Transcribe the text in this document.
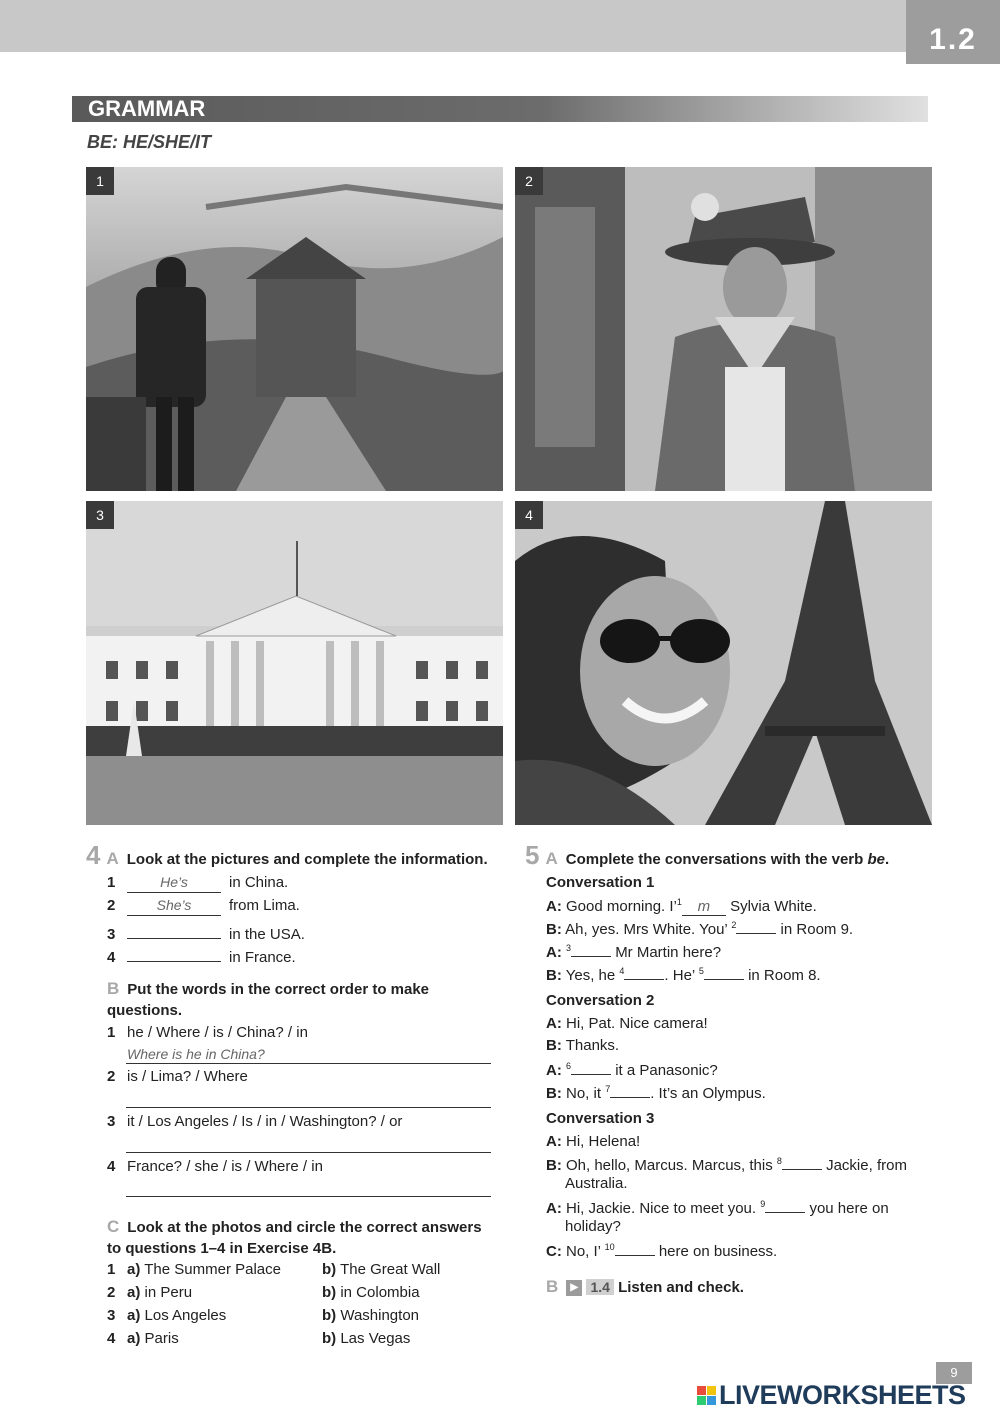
1.2
GRAMMAR
BE: HE/SHE/IT
1	2
3	4
4 A Look at the pictures and complete the information.
1	He’s	in China.
2	She’s	from Lima.
3	in the USA.
4	in France.
B Put the words in the correct order to make
questions.
1 he / Where / is / China? / in
Where is he in China?
2 is / Lima? / Where
3 it / Los Angeles / Is / in / Washington? / or
4 France? / she / is / Where / in
C Look at the photos and circle the correct answers
to questions 1–4 in Exercise 4B.
1 a) The Summer Palace	b) The Great Wall
2 a) in Peru	b) in Colombia
3 a) Los Angeles	b) Washington
4 a) Paris	b) Las Vegas
5 A Complete the conversations with the verb
be .
Conversation 1
A: Good morning. I’$^1$ m Sylvia White.
B: Ah, yes. Mrs White. You’ $^2$	in Room 9.
A: $^3$	Mr Martin here?
B: Yes, he $^4$	. He’ $^5$	in Room 8.
Conversation 2
A: Hi, Pat. Nice camera!
B: Thanks.
A: $^6$	it a Panasonic?
B: No, it $^7$	. It’s an Olympus.
Conversation 3
A: Hi, Helena!
B: Oh, hello, Marcus. Marcus, this $^8$	Jackie, from
Australia.
A: Hi, Jackie. Nice to meet you. $^9$	you here on
holiday?
C: No, I’ $^{10}$	here on business.
B ▶ 1.4 Listen and check.
9
LIVEWORKSHEETS
